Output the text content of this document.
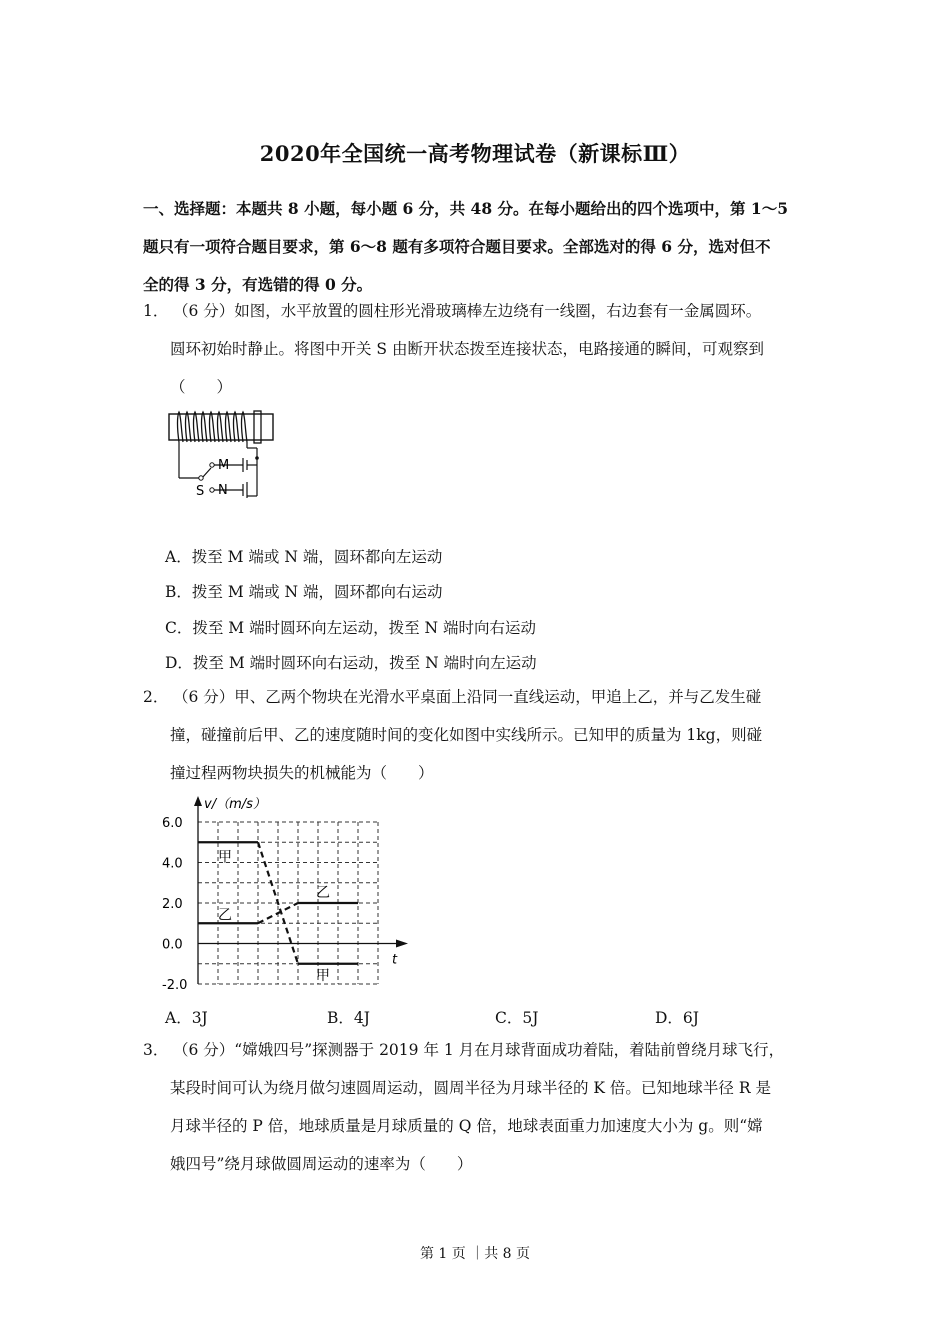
2020年全国统一高考物理试卷（新课标Ⅲ）
一、选择题：本题共 8 小题，每小题 6 分，共 48 分。在每小题给出的四个选项中，第 1～5
题只有一项符合题目要求，第 6～8 题有多项符合题目要求。全部选对的得 6 分，选对但不
全的得 3 分，有选错的得 0 分。
1． （6 分）如图，水平放置的圆柱形光滑玻璃棒左边绕有一线圈，右边套有一金属圆环。
圆环初始时静止。将图中开关 S 由断开状态拨至连接状态，电路接通的瞬间，可观察到
（　　）
M
N
S
A．拨至 M 端或 N 端，圆环都向左运动
B．拨至 M 端或 N 端，圆环都向右运动
C．拨至 M 端时圆环向左运动，拨至 N 端时向右运动
D．拨至 M 端时圆环向右运动，拨至 N 端时向左运动
2． （6 分）甲、乙两个物块在光滑水平桌面上沿同一直线运动，甲追上乙，并与乙发生碰
撞，碰撞前后甲、乙的速度随时间的变化如图中实线所示。已知甲的质量为 1kg，则碰
撞过程两物块损失的机械能为（　　）
v/（m/s）
t
6.0
4.0
2.0
0.0
-2.0
甲
乙
乙
甲
A．3J	B．4J	C．5J	D．6J
3． （6 分）“嫦娥四号”探测器于 2019 年 1 月在月球背面成功着陆，着陆前曾绕月球飞行，
某段时间可认为绕月做匀速圆周运动，圆周半径为月球半径的 K 倍。已知地球半径 R 是
月球半径的 P 倍，地球质量是月球质量的 Q 倍，地球表面重力加速度大小为 g。则“嫦
娥四号”绕月球做圆周运动的速率为（　　）
第 1 页 ｜共 8 页
